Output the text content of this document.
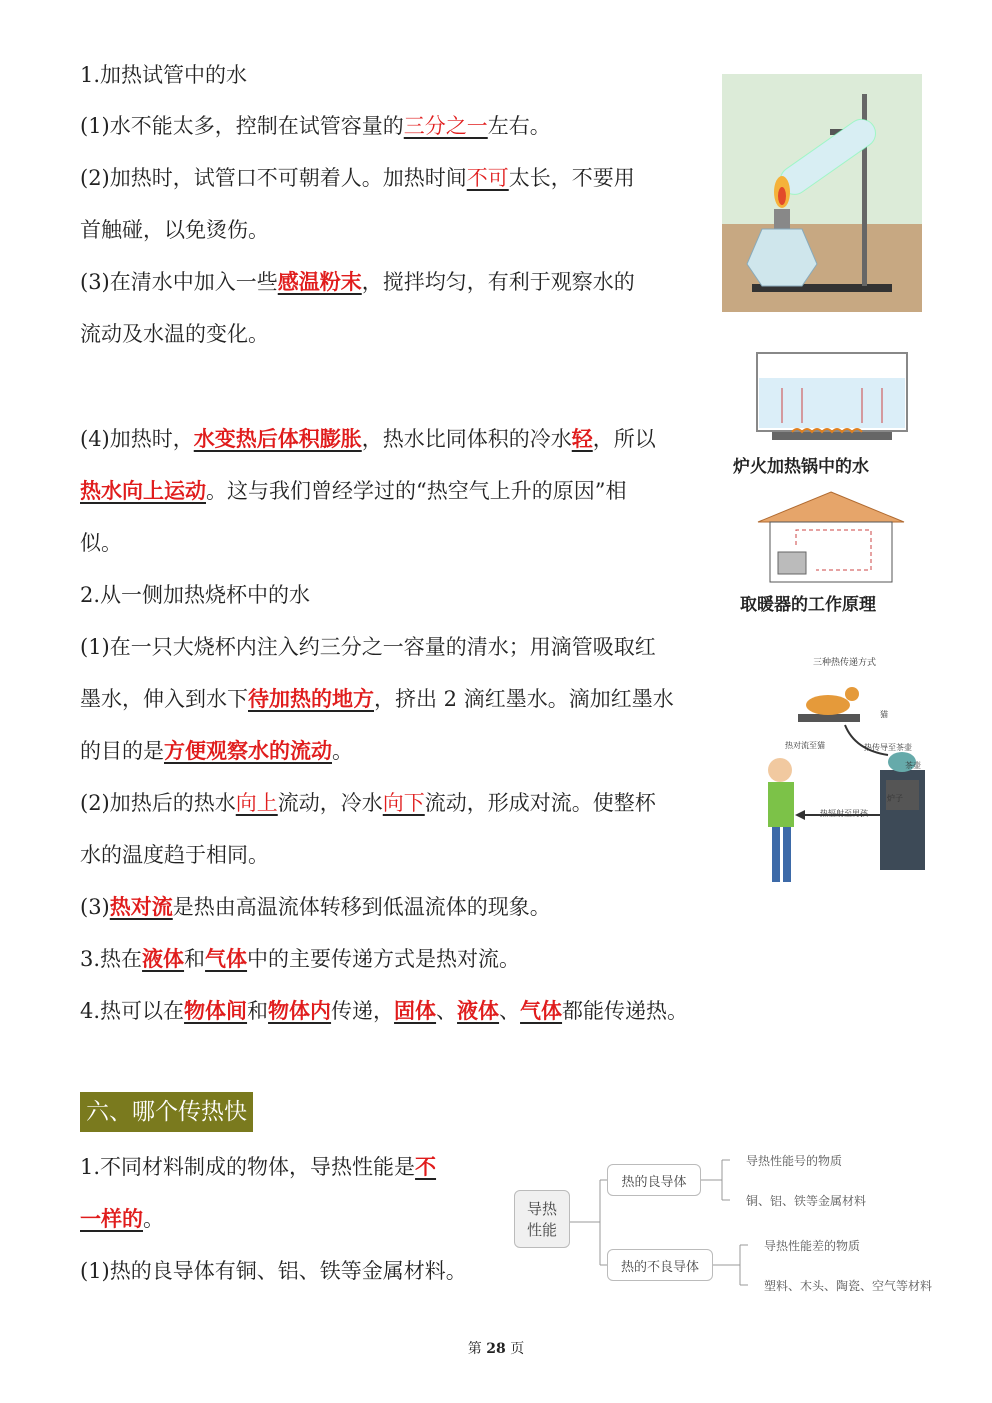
1.加热试管中的水
(1)水不能太多，控制在试管容量的三分之一左右。
(2)加热时，试管口不可朝着人。加热时间不可太长，不要用
首触碰，以免烫伤。
(3)在清水中加入一些感温粉末，搅拌均匀，有利于观察水的
流动及水温的变化。
(4)加热时，水变热后体积膨胀，热水比同体积的冷水轻，所以
热水向上运动。这与我们曾经学过的“热空气上升的原因”相
似。
2.从一侧加热烧杯中的水
(1)在一只大烧杯内注入约三分之一容量的清水；用滴管吸取红
墨水，伸入到水下待加热的地方，挤出 2 滴红墨水。滴加红墨水
的目的是方便观察水的流动。
(2)加热后的热水向上流动，冷水向下流动，形成对流。使整杯
水的温度趋于相同。
(3)热对流是热由高温流体转移到低温流体的现象。
3.热在液体和气体中的主要传递方式是热对流。
4.热可以在物体间和物体内传递，固体、液体、气体都能传递热。
六、哪个传热快
1.不同材料制成的物体，导热性能是不
一样的。
(1)热的良导体有铜、铝、铁等金属材料。
炉火加热锅中的水
取暖器的工作原理
三种热传递方式
猫
热对流至猫	热传导至茶壶
茶壶
炉子
热辐射至男孩
导热
性能
热的良导体
热的不良导体
导热性能号的物质
铜、铝、铁等金属材料
导热性能差的物质
塑料、木头、陶瓷、空气等材料
第 28 页
